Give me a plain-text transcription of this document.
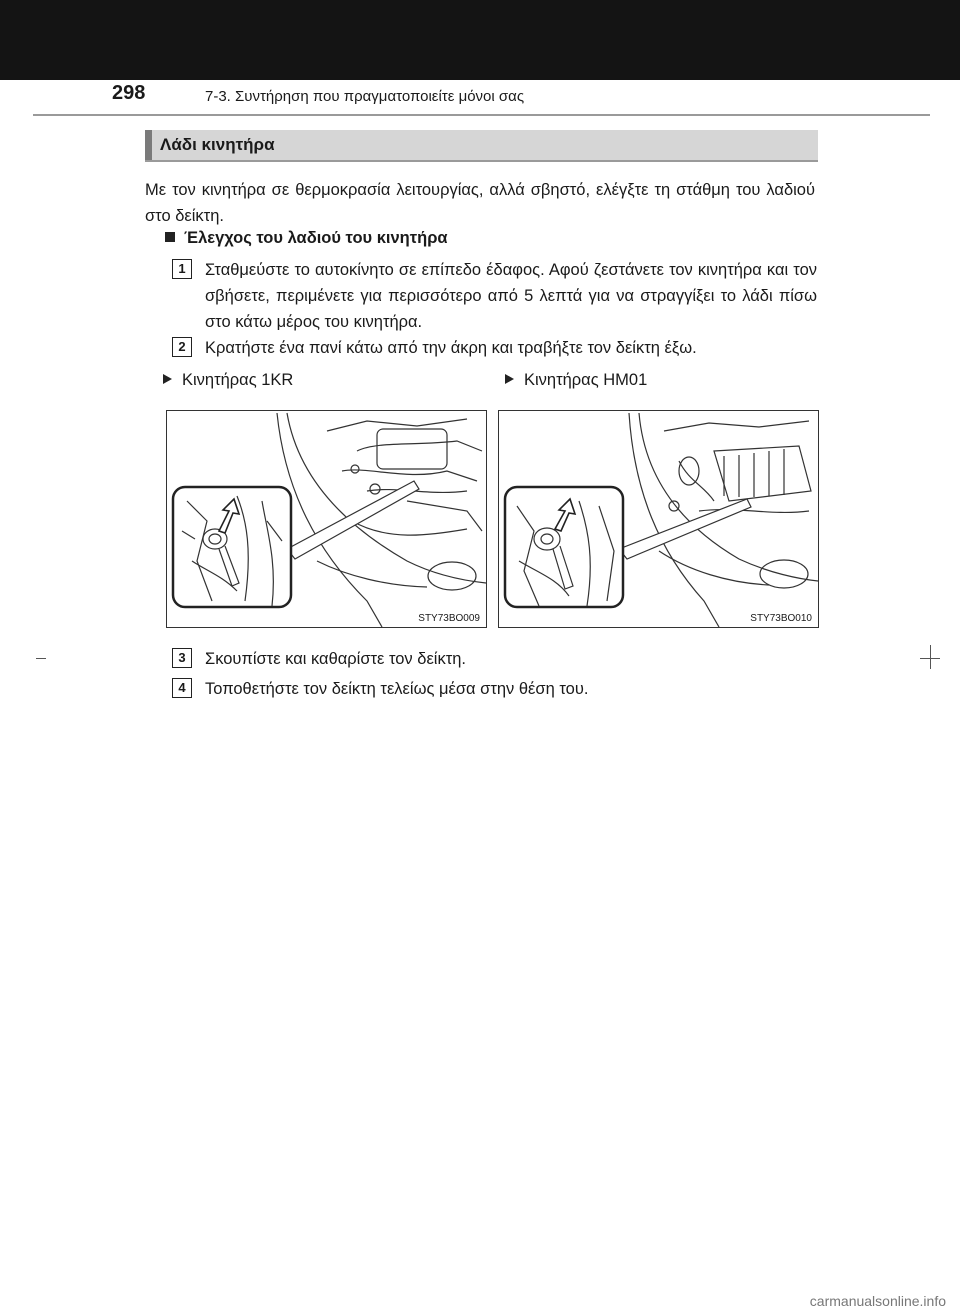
298	7-3. Συντήρηση που πραγματοποιείτε μόνοι σας
Λάδι κινητήρα
Με τον κινητήρα σε θερμοκρασία λειτουργίας, αλλά σβηστό, ελέγξτε τη στάθμη του λαδιού στο δείκτη.
Έλεγχος του λαδιού του κινητήρα
1	Σταθμεύστε το αυτοκίνητο σε επίπεδο έδαφος. Αφού ζεστάνετε τον κινητήρα και τον σβήσετε, περιμένετε για περισσότερο από 5 λεπτά για να στραγγίξει το λάδι πίσω στο κάτω μέρος του κινητήρα.
2	Κρατήστε ένα πανί κάτω από την άκρη και τραβήξτε τον δείκτη έξω.
Κινητήρας 1KR	Κινητήρας HM01
STY73BO009	STY73BO010
3	Σκουπίστε και καθαρίστε τον δείκτη.
4	Τοποθετήστε τον δείκτη τελείως μέσα στην θέση του.
carmanualsonline.info
